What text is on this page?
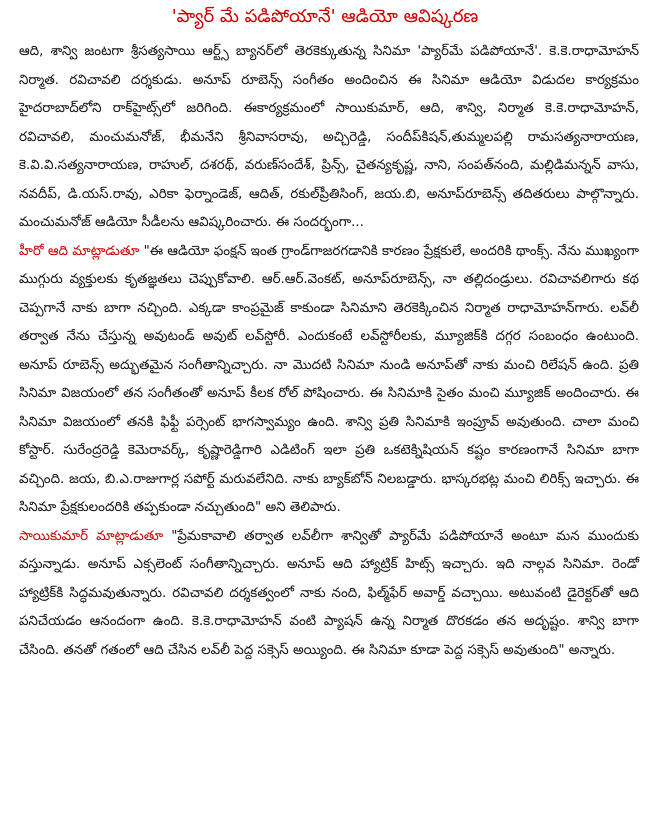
'ప్యార్ మే పడిపోయానే' ఆడియో ఆవిష్కరణ

ఆది, శాన్వి జంటగా శ్రీసత్యసాయి ఆర్ట్స్ బ్యానర్‌లో తెరకెక్కుతున్న సినిమా 'ప్యార్‌మే పడిపోయానే'. కె.కె.రాధామోహన్ నిర్మాత. రవిచావలి దర్శకుడు. అనూప్ రూబెన్స్ సంగీతం అందించిన ఈ సినిమా ఆడియో విడుదల కార్యక్రమం హైదరాబాద్‌లోని రాక్‌హైట్స్‌లో జరిగింది. ఈకార్యక్రమంలో సాయికుమార్, ఆది, శాన్వి, నిర్మాత కె.కె.రాధామోహన్, రవిచావలి, మంచుమనోజ్, భీమనేని శ్రీనివాసరావు, అచ్చిరెడ్డి, సందీప్‌కిషన్,తుమ్మలపల్లి రామసత్యనారాయణ, కె.వి.వి.సత్యనారాయణ, రాహుల్, దశరథ్, వరుణ్‌సందేశ్, ప్రిన్స్, చైతన్యకృష్ణ, నాని, సంపత్‌నంది, మల్లిడిమన్నన్ వాసు, నవదీప్, డి.యస్.రావు, ఎరికా ఫెర్నాండెజ్, ఆదిత్, రకుల్‌ప్రీతిసింగ్, జయ.బి, అనూప్‌రూబెన్స్ తదితరులు పాల్గొన్నారు. మంచుమనోజ్ ఆడియో సీడీలను ఆవిష్కరించారు. ఈ సందర్భంగా...

హీరో ఆది మాట్లాడుతూ "ఈ ఆడియో ఫంక్షన్ ఇంత గ్రాండ్‌గాజరగడానికి కారణం ప్రేక్షకులే, అందరికి థాంక్స్. నేను ముఖ్యంగా ముగ్గురు వ్యక్తులకు కృతజ్ఞతలు చెప్పుకోవాలి. ఆర్.ఆర్.వెంకట్, అనూప్‌రూబెన్స్, నా తల్లిదండ్రులు. రవిచావలిగారు కథ చెప్పగానే నాకు బాగా నచ్చింది. ఎక్కడా కాంప్రమైజ్ కాకుండా సినిమాని తెరకెక్కించిన నిర్మాత రాధామోహన్‌గారు. లవ్‌లీ తర్వాత నేను చేస్తున్న అవుటండ్ అవుట్ లవ్‌స్టోరీ. ఎందుకంటే లవ్‌స్టోరీలకు, మ్యూజిక్‌కి దగ్గర సంబంధం ఉంటుంది. అనూప్ రూబెన్స్ అద్భుతమైన సంగీతాన్నిచ్చారు. నా మొదటి సినిమా నుండి అనూప్‌తో నాకు మంచి రిలేషన్ ఉంది. ప్రతి సినిమా విజయంలో తన సంగీతంతో అనూప్ కీలక రోల్ పోషించారు. ఈ సినిమాకి సైతం మంచి మ్యూజిక్ అందించారు. ఈ సినిమా విజయంలో తనకి ఫిఫ్టీ పర్సెంట్ భాగస్వామ్యం ఉంది. శాన్వి ప్రతి సినిమాకి ఇంప్రూవ్ అవుతుంది. చాలా మంచి కోస్టార్. సురేంద్రరెడ్డి కెమెరావర్క్, కృష్ణారెడ్డిగారి ఎడిటింగ్ ఇలా ప్రతి ఒకటెక్నిషియన్ కష్టం కారణంగానే సినిమా బాగా వచ్చింది. జయ, బి.ఎ.రాజుగార్ల సపోర్ట్ మరువలేనిది. నాకు బ్యాక్‌బోన్ నిలబడ్డారు. భాస్కరభట్ల మంచి లిరిక్స్ ఇచ్చారు. ఈ సినిమా ప్రేక్షకులందరికి తప్పకుండా నచ్చుతుంది" అని తెలిపారు.

సాయికుమార్ మాట్లాడుతూ "ప్రేమకావాలి తర్వాత లవ్‌లీగా శాన్వితో ప్యార్‌మే పడిపోయానే అంటూ మన ముందుకు వస్తున్నాడు. అనూప్ ఎక్సలెంట్ సంగీతాన్నిచ్చారు. అనూప్ ఆది హ్యాట్రిక్ హిట్స్ ఇచ్చారు. ఇది నాల్గవ సినిమా. రెండో హ్యాట్రిక్‌కి సిద్ధమవుతున్నారు. రవిచావలి దర్శకత్వంలో నాకు నంది, ఫిల్మ్‌ఫేర్ అవార్డ్ వచ్చాయి. అటువంటి డైరెక్టర్‌తో ఆది పనిచేయడం ఆనందంగా ఉంది. కె.కె.రాధామోహన్ వంటి ప్యాషన్ ఉన్న నిర్మాత దొరకడం తన అదృష్టం. శాన్వి బాగా చేసింది. తనతో గతంలో ఆది చేసిన లవ్‌లీ పెద్ద సక్సెస్ అయ్యింది. ఈ సినిమా కూడా పెద్ద సక్సెస్ అవుతుంది" అన్నారు.
